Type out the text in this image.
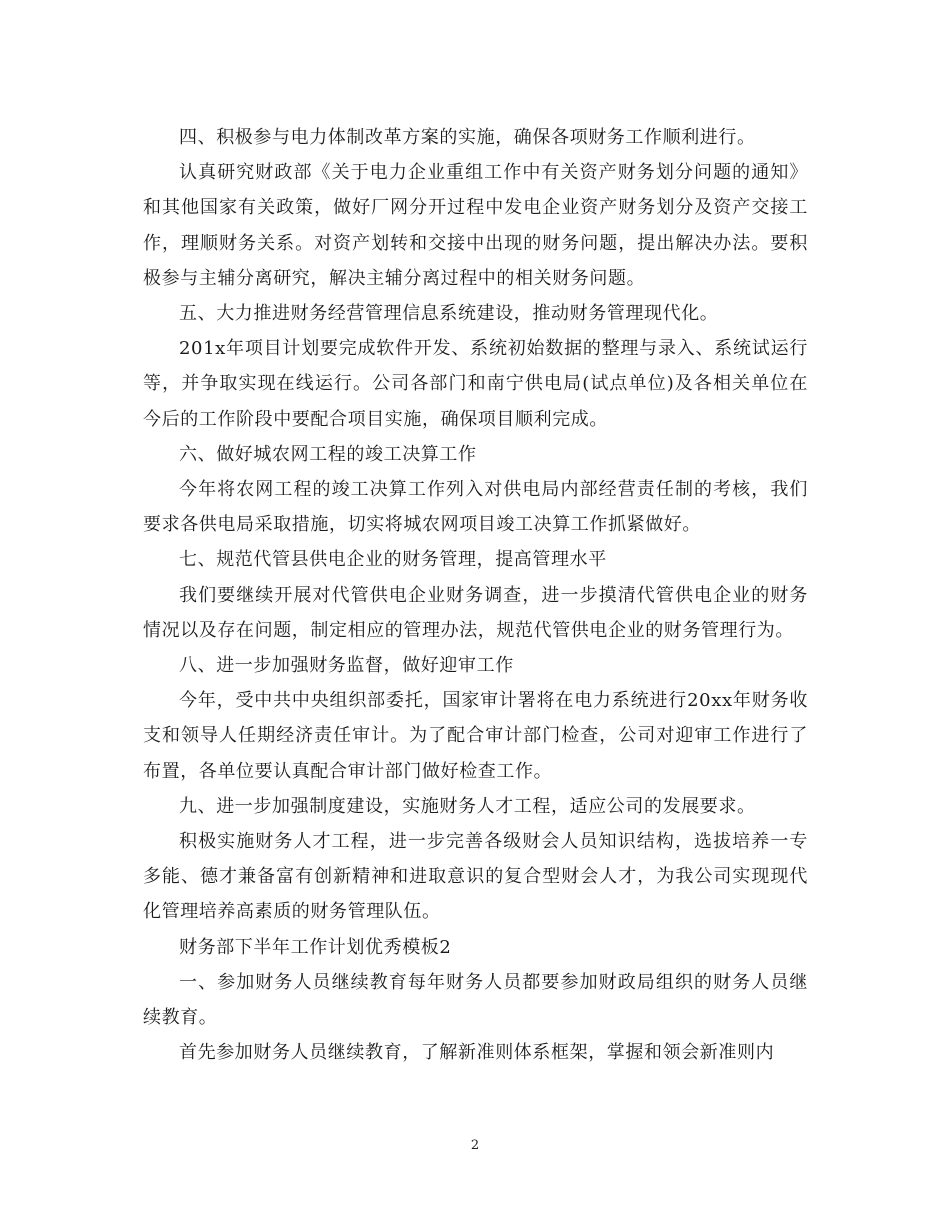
四、积极参与电力体制改革方案的实施，确保各项财务工作顺利进行。

认真研究财政部《关于电力企业重组工作中有关资产财务划分问题的通知》和其他国家有关政策，做好厂网分开过程中发电企业资产财务划分及资产交接工作，理顺财务关系。对资产划转和交接中出现的财务问题，提出解决办法。要积极参与主辅分离研究，解决主辅分离过程中的相关财务问题。

五、大力推进财务经营管理信息系统建设，推动财务管理现代化。

201x年项目计划要完成软件开发、系统初始数据的整理与录入、系统试运行等，并争取实现在线运行。公司各部门和南宁供电局(试点单位)及各相关单位在今后的工作阶段中要配合项目实施，确保项目顺利完成。

六、做好城农网工程的竣工决算工作

今年将农网工程的竣工决算工作列入对供电局内部经营责任制的考核，我们要求各供电局采取措施，切实将城农网项目竣工决算工作抓紧做好。

七、规范代管县供电企业的财务管理，提高管理水平

我们要继续开展对代管供电企业财务调查，进一步摸清代管供电企业的财务情况以及存在问题，制定相应的管理办法，规范代管供电企业的财务管理行为。

八、进一步加强财务监督，做好迎审工作

今年，受中共中央组织部委托，国家审计署将在电力系统进行20xx年财务收支和领导人任期经济责任审计。为了配合审计部门检查，公司对迎审工作进行了布置，各单位要认真配合审计部门做好检查工作。

九、进一步加强制度建设，实施财务人才工程，适应公司的发展要求。

积极实施财务人才工程，进一步完善各级财会人员知识结构，选拔培养一专多能、德才兼备富有创新精神和进取意识的复合型财会人才，为我公司实现现代化管理培养高素质的财务管理队伍。

财务部下半年工作计划优秀模板2

一、参加财务人员继续教育每年财务人员都要参加财政局组织的财务人员继续教育。

首先参加财务人员继续教育，了解新准则体系框架，掌握和领会新准则内

2
